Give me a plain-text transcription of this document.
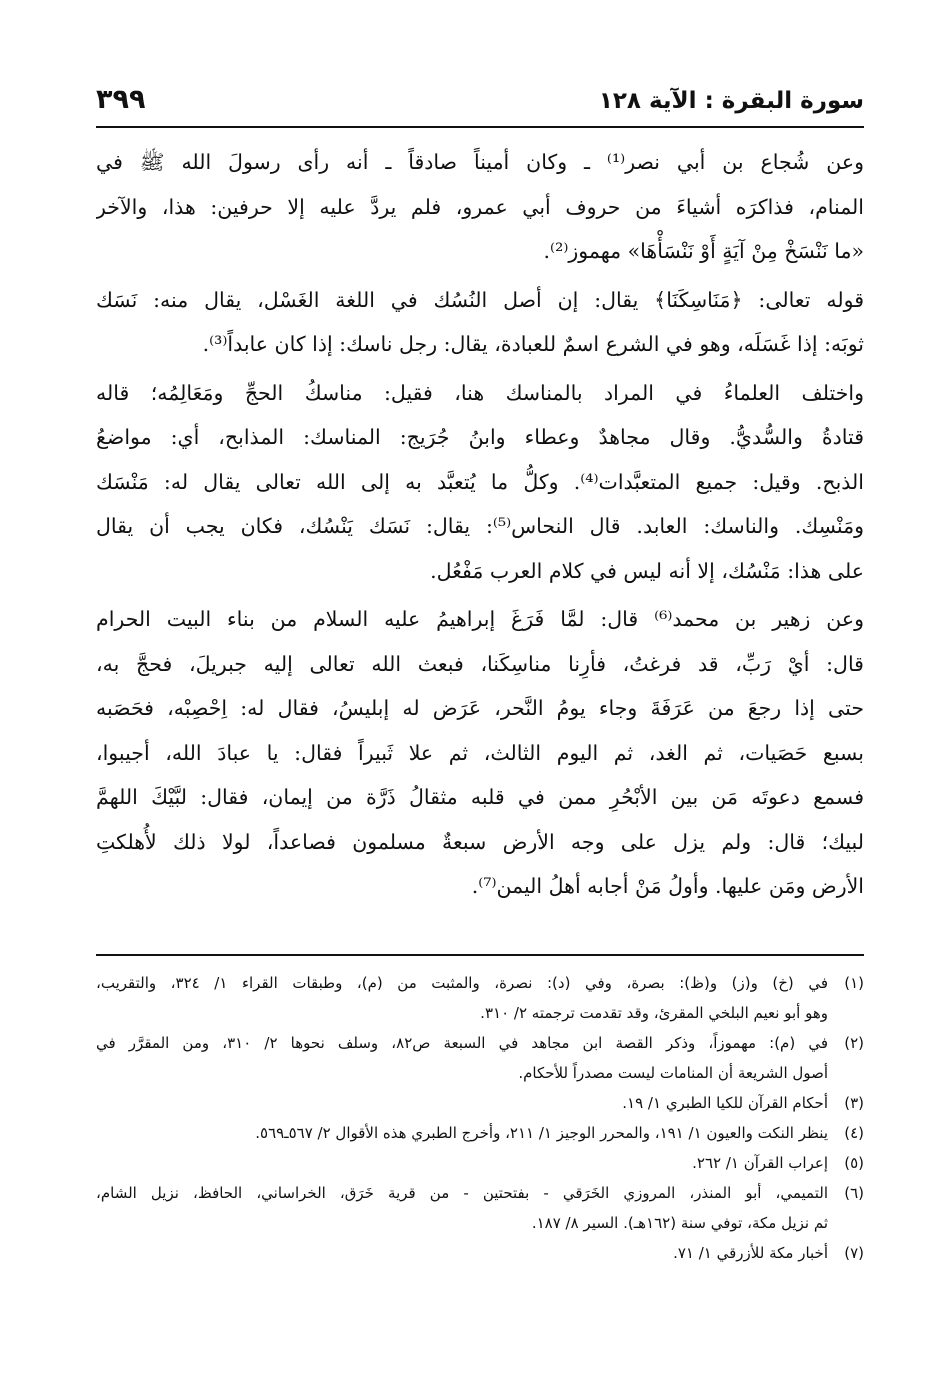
سورة البقرة : الآية ١٢٨
٣٩٩
وعن شُجاع بن أبي نصر⁽¹⁾ ـ وكان أميناً صادقاً ـ أنه رأى رسولَ الله ﷺ في
المنام، فذاكرَه أشياءَ من حروف أبي عمرو، فلم يردَّ عليه إلا حرفين: هذا، والآخر
«ما نَنْسَخْ مِنْ آيَةٍ أَوْ نَنْسَأْهَا» مهموز⁽²⁾.
قوله تعالى: ﴿مَنَاسِكَنَا﴾ يقال: إن أصل النُسُك في اللغة الغَسْل، يقال منه: نَسَك
ثوبَه: إذا غَسَلَه، وهو في الشرع اسمٌ للعبادة، يقال: رجل ناسك: إذا كان عابداً⁽³⁾.
واختلف العلماءُ في المراد بالمناسك هنا، فقيل: مناسكُ الحجِّ ومَعَالِمُه؛ قاله
قتادةُ والسُّديُّ. وقال مجاهدٌ وعطاء وابنُ جُرَيج: المناسك: المذابح، أي: مواضعُ
الذبح. وقيل: جميع المتعبَّدات⁽⁴⁾. وكلُّ ما يُتعبَّد به إلى الله تعالى يقال له: مَنْسَك
ومَنْسِك. والناسك: العابد. قال النحاس⁽⁵⁾: يقال: نَسَك يَنْسُك، فكان يجب أن يقال
على هذا: مَنْسُك، إلا أنه ليس في كلام العرب مَفْعُل.
وعن زهير بن محمد⁽⁶⁾ قال: لمَّا فَرَغَ إبراهيمُ عليه السلام من بناء البيت الحرام
قال: أيْ رَبِّ، قد فرغتُ، فأرِنا مناسِكَنا، فبعث الله تعالى إليه جبريلَ، فحجَّ به،
حتى إذا رجعَ من عَرَفَةَ وجاء يومُ النَّحر، عَرَض له إبليسُ، فقال له: اِحْصِبْه، فحَصَبه
بسبع حَصَيات، ثم الغد، ثم اليوم الثالث، ثم علا ثَبيراً فقال: يا عبادَ الله، أجيبوا،
فسمع دعوتَه مَن بين الأبْحُرِ ممن في قلبه مثقالُ ذَرَّة من إيمان، فقال: لبَّيْكَ اللهمَّ
لبيك؛ قال: ولم يزل على وجه الأرض سبعةٌ مسلمون فصاعداً، لولا ذلك لأُهلكتِ
الأرض ومَن عليها. وأولُ مَنْ أجابه أهلُ اليمن⁽⁷⁾.
(١)
في (خ) و(ز) و(ظ): بصرة، وفي (د): نصرة، والمثبت من (م)، وطبقات القراء ١/ ٣٢٤، والتقريب،
وهو أبو نعيم البلخي المقرئ، وقد تقدمت ترجمته ٢/ ٣١٠.
(٢)
في (م): مهموزاً، وذكر القصة ابن مجاهد في السبعة ص٨٢، وسلف نحوها ٢/ ٣١٠، ومن المقرَّر في
أصول الشريعة أن المنامات ليست مصدراً للأحكام.
(٣)
أحكام القرآن للكيا الطبري ١/ ١٩.
(٤)
ينظر النكت والعيون ١/ ١٩١، والمحرر الوجيز ١/ ٢١١، وأخرج الطبري هذه الأقوال ٢/ ٥٦٧ـ٥٦٩.
(٥)
إعراب القرآن ١/ ٢٦٢.
(٦)
التميمي، أبو المنذر، المروزي الخَرَقي - بفتحتين - من قرية خَرَق، الخراساني، الحافظ، نزيل الشام،
ثم نزيل مكة، توفي سنة (١٦٢هـ). السير ٨/ ١٨٧.
(٧)
أخبار مكة للأزرقي ١/ ٧١.
